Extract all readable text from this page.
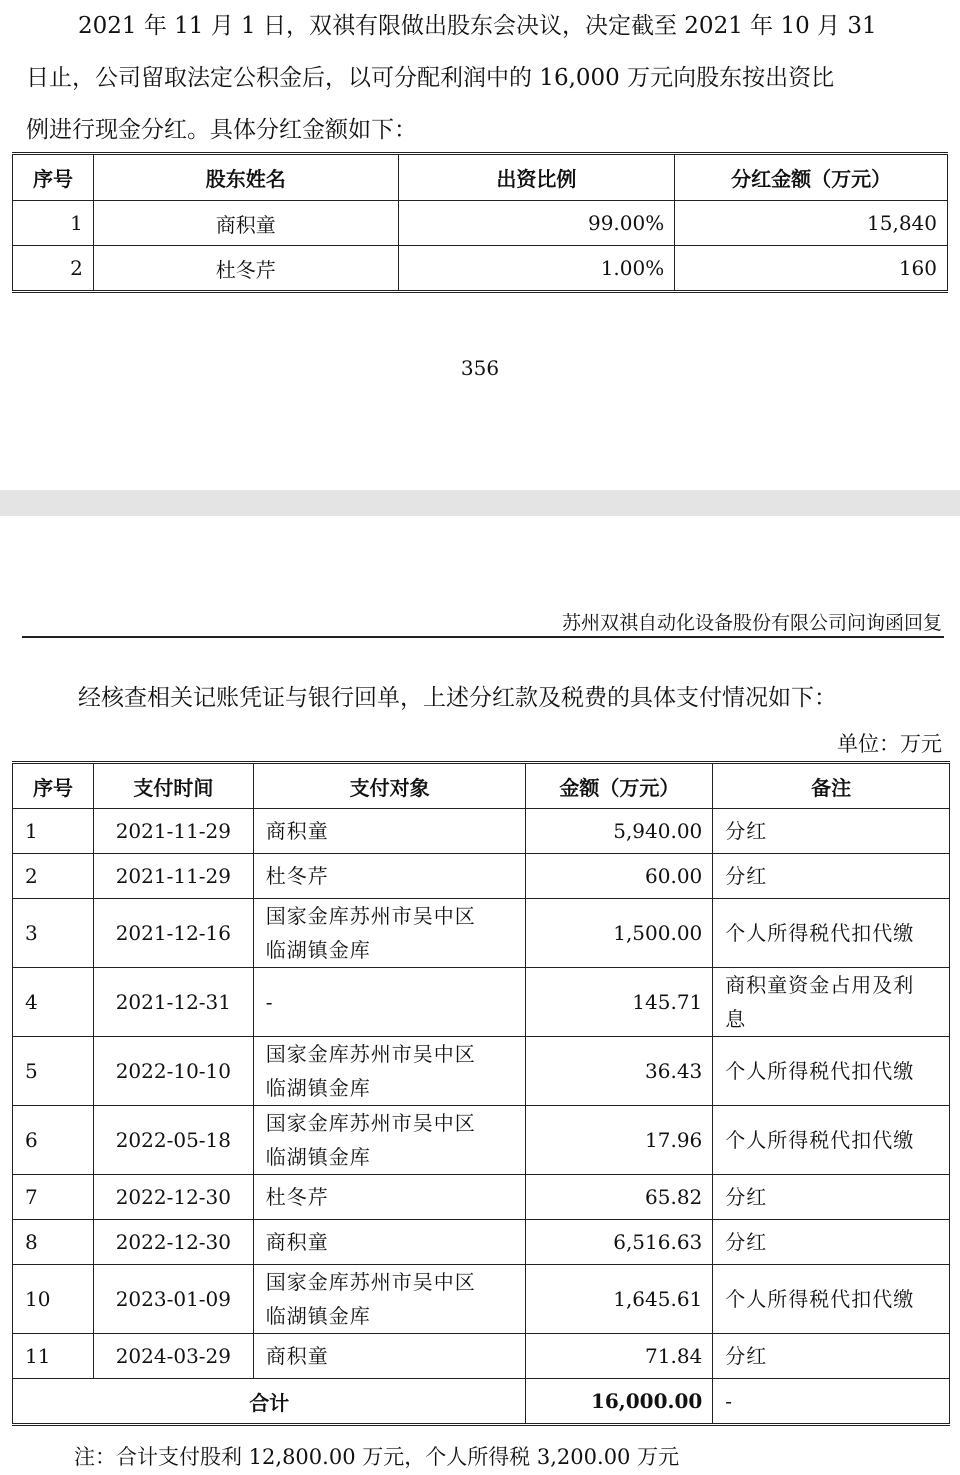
2021 年 11 月 1 日，双祺有限做出股东会决议，决定截至 2021 年 10 月 31
日止，公司留取法定公积金后，以可分配利润中的 16,000 万元向股东按出资比
例进行现金分红。具体分红金额如下：

序号	股东姓名	出资比例	分红金额（万元）
1	商积童	99.00%	15,840
2	杜冬芹	1.00%	160
356
苏州双祺自动化设备股份有限公司问询函回复

经核查相关记账凭证与银行回单，上述分红款及税费的具体支付情况如下：

单位：万元
序号	支付时间	支付对象	金额（万元）	备注
1	2021-11-29	商积童	5,940.00	分红
2	2021-11-29	杜冬芹	60.00	分红
3	2021-12-16	国家金库苏州市吴中区
临湖镇金库	1,500.00	个人所得税代扣代缴
4	2021-12-31	-	145.71	商积童资金占用及利
息
5	2022-10-10	国家金库苏州市吴中区
临湖镇金库	36.43	个人所得税代扣代缴
6	2022-05-18	国家金库苏州市吴中区
临湖镇金库	17.96	个人所得税代扣代缴
7	2022-12-30	杜冬芹	65.82	分红
8	2022-12-30	商积童	6,516.63	分红
10	2023-01-09	国家金库苏州市吴中区
临湖镇金库	1,645.61	个人所得税代扣代缴
11	2024-03-29	商积童	71.84	分红
合计			16,000.00	-
注：合计支付股利 12,800.00 万元，个人所得税 3,200.00 万元
